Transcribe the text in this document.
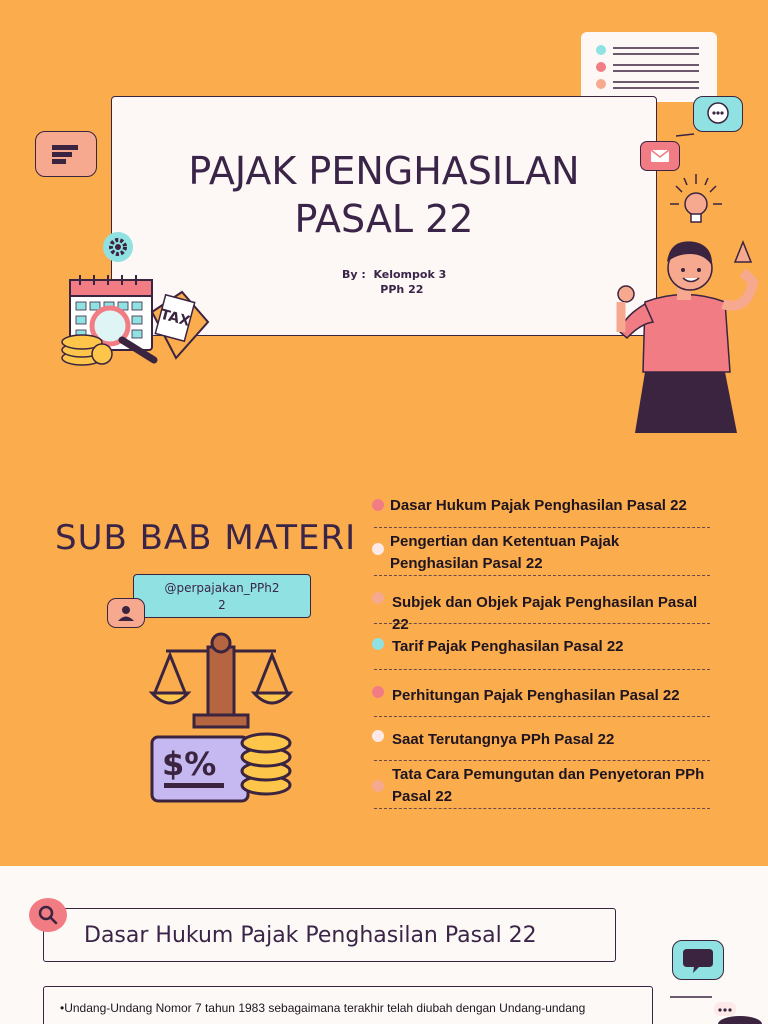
PAJAK PENGHASILAN
PASAL 22
By :  Kelompok 3
PPh 22
TAX
SUB BAB MATERI
@perpajakan_PPh2
2
$%
Dasar Hukum Pajak Penghasilan Pasal 22
Pengertian dan Ketentuan Pajak Penghasilan Pasal 22
Subjek dan Objek Pajak Penghasilan Pasal 22
Tarif Pajak Penghasilan Pasal 22
Perhitungan Pajak Penghasilan Pasal 22
Saat Terutangnya PPh Pasal 22
Tata Cara Pemungutan dan Penyetoran PPh Pasal 22
Dasar Hukum Pajak Penghasilan Pasal 22
•Undang-Undang Nomor 7 tahun 1983 sebagaimana terakhir telah diubah dengan Undang-undang
